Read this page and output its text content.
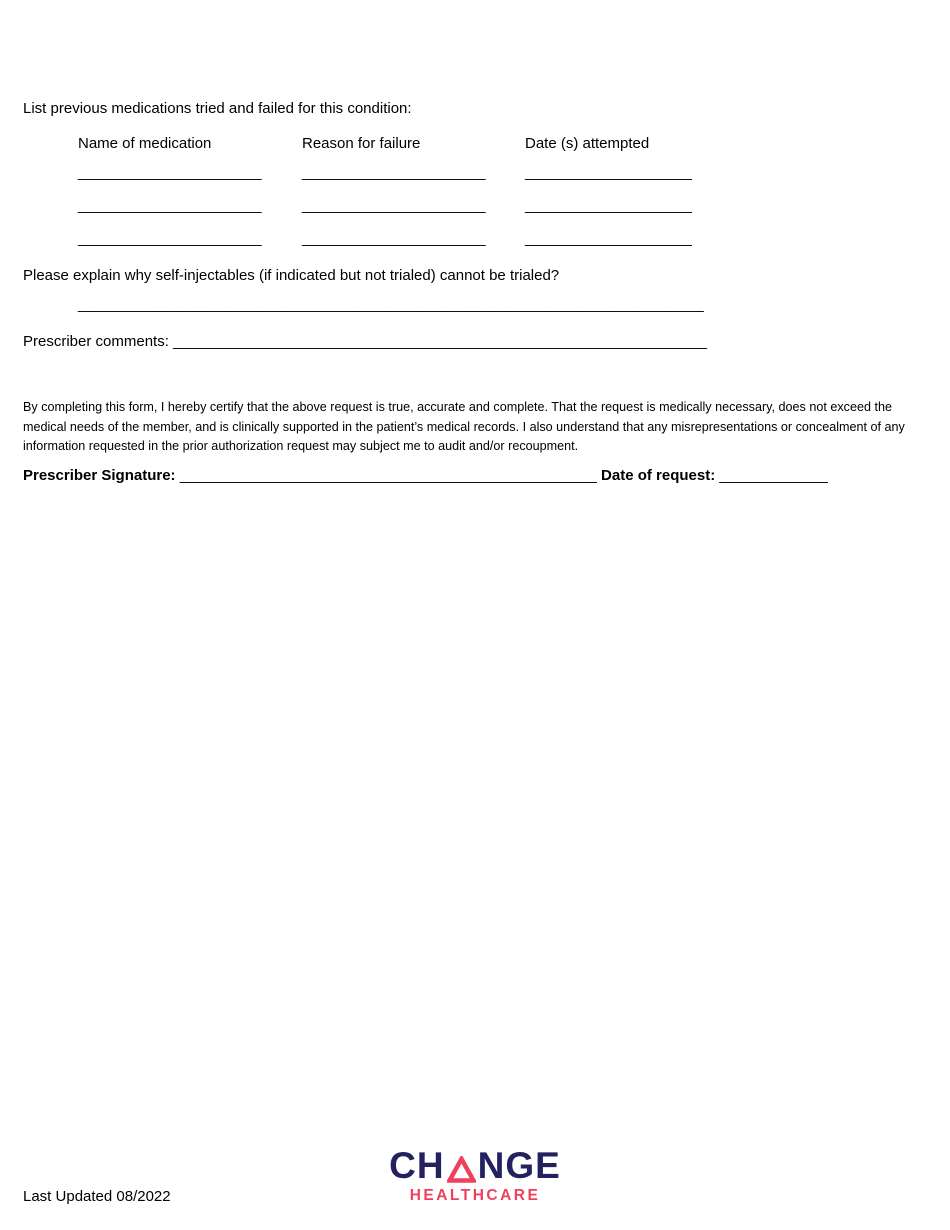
List previous medications tried and failed for this condition:
Name of medication	Reason for failure	Date (s) attempted
______________________	______________________	____________________
______________________	______________________	____________________
______________________	______________________	____________________
Please explain why self-injectables (if indicated but not trialed) cannot be trialed?
___________________________________________________________________________
Prescriber comments: ________________________________________________________________
By completing this form, I hereby certify that the above request is true, accurate and complete. That the request is medically necessary, does not exceed the medical needs of the member, and is clinically supported in the patient’s medical records. I also understand that any misrepresentations or concealment of any information requested in the prior authorization request may subject me to audit and/or recoupment.
Prescriber Signature: __________________________________________________ Date of request: _____________
CH NGE
HEALTHCARE
Last Updated 08/2022
